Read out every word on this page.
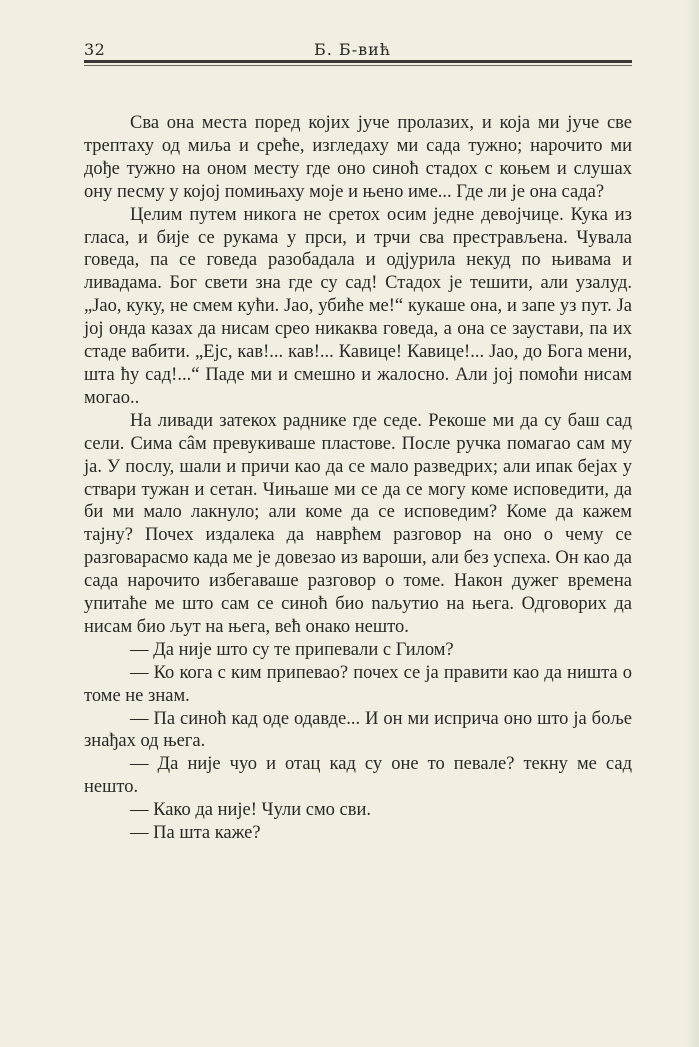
32	Б. Б-вић

Сва она места поред којих јуче пролазих, и која ми јуче све трептаху од миља и среће, изгледаху ми сада тужно; нарочито ми дође тужно на оном месту где оно синоћ стадох с коњем и слушах ону песму у којој помињаху моје и њено име... Где ли је она сада?

Целим путем никога не сретох осим једне девојчице. Кука из гласа, и бије се рукама у прси, и трчи сва престрављена. Чувала говеда, па се говеда разобадала и одјурила некуд по њивама и ливадама. Бог свети зна где су сад! Стадох је тешити, али узалуд. „Јао, куку, не смем кући. Јао, убиће ме!“ кукаше она, и запе уз пут. Ја јој онда казах да нисам срео никаква говеда, а она се заустави, па их стаде вабити. „Ејс, кав!... кав!... Кавице! Кавице!... Јао, до Бога мени, шта ћу сад!...“ Паде ми и смешно и жалосно. Али јој помоћи нисам могао..

На ливади затекох раднике где седе. Рекоше ми да су баш сад сели. Сима сâм превукиваше пластове. После ручка помагао сам му ја. У послу, шали и причи као да се мало разведрих; али ипак бејах у ствари тужан и сетан. Чињаше ми се да се могу коме исповедити, да би ми мало лакнуло; али коме да се исповедим? Коме да кажем тајну? Почех издалека да наврћем разговор на оно о чему се разговарасмо када ме је довезао из вароши, али без успеха. Он као да сада нарочито избегаваше разговор о томе. Након дужег времена упитаће ме што сам се синоћ био naљутио на њега. Одговорих да нисам био љут на њега, већ онако нешто.

— Да није што су те припевали с Гилом?

— Ко кога с ким припевао? почех се ја правити као да ништа о томе не знам.

— Па синоћ кад оде одавде... И он ми исприча оно што ја боље знађах од њега.

— Да није чуо и отац кад су оне то певале? текну ме сад нешто.

— Како да није! Чули смо сви.

— Па шта каже?
